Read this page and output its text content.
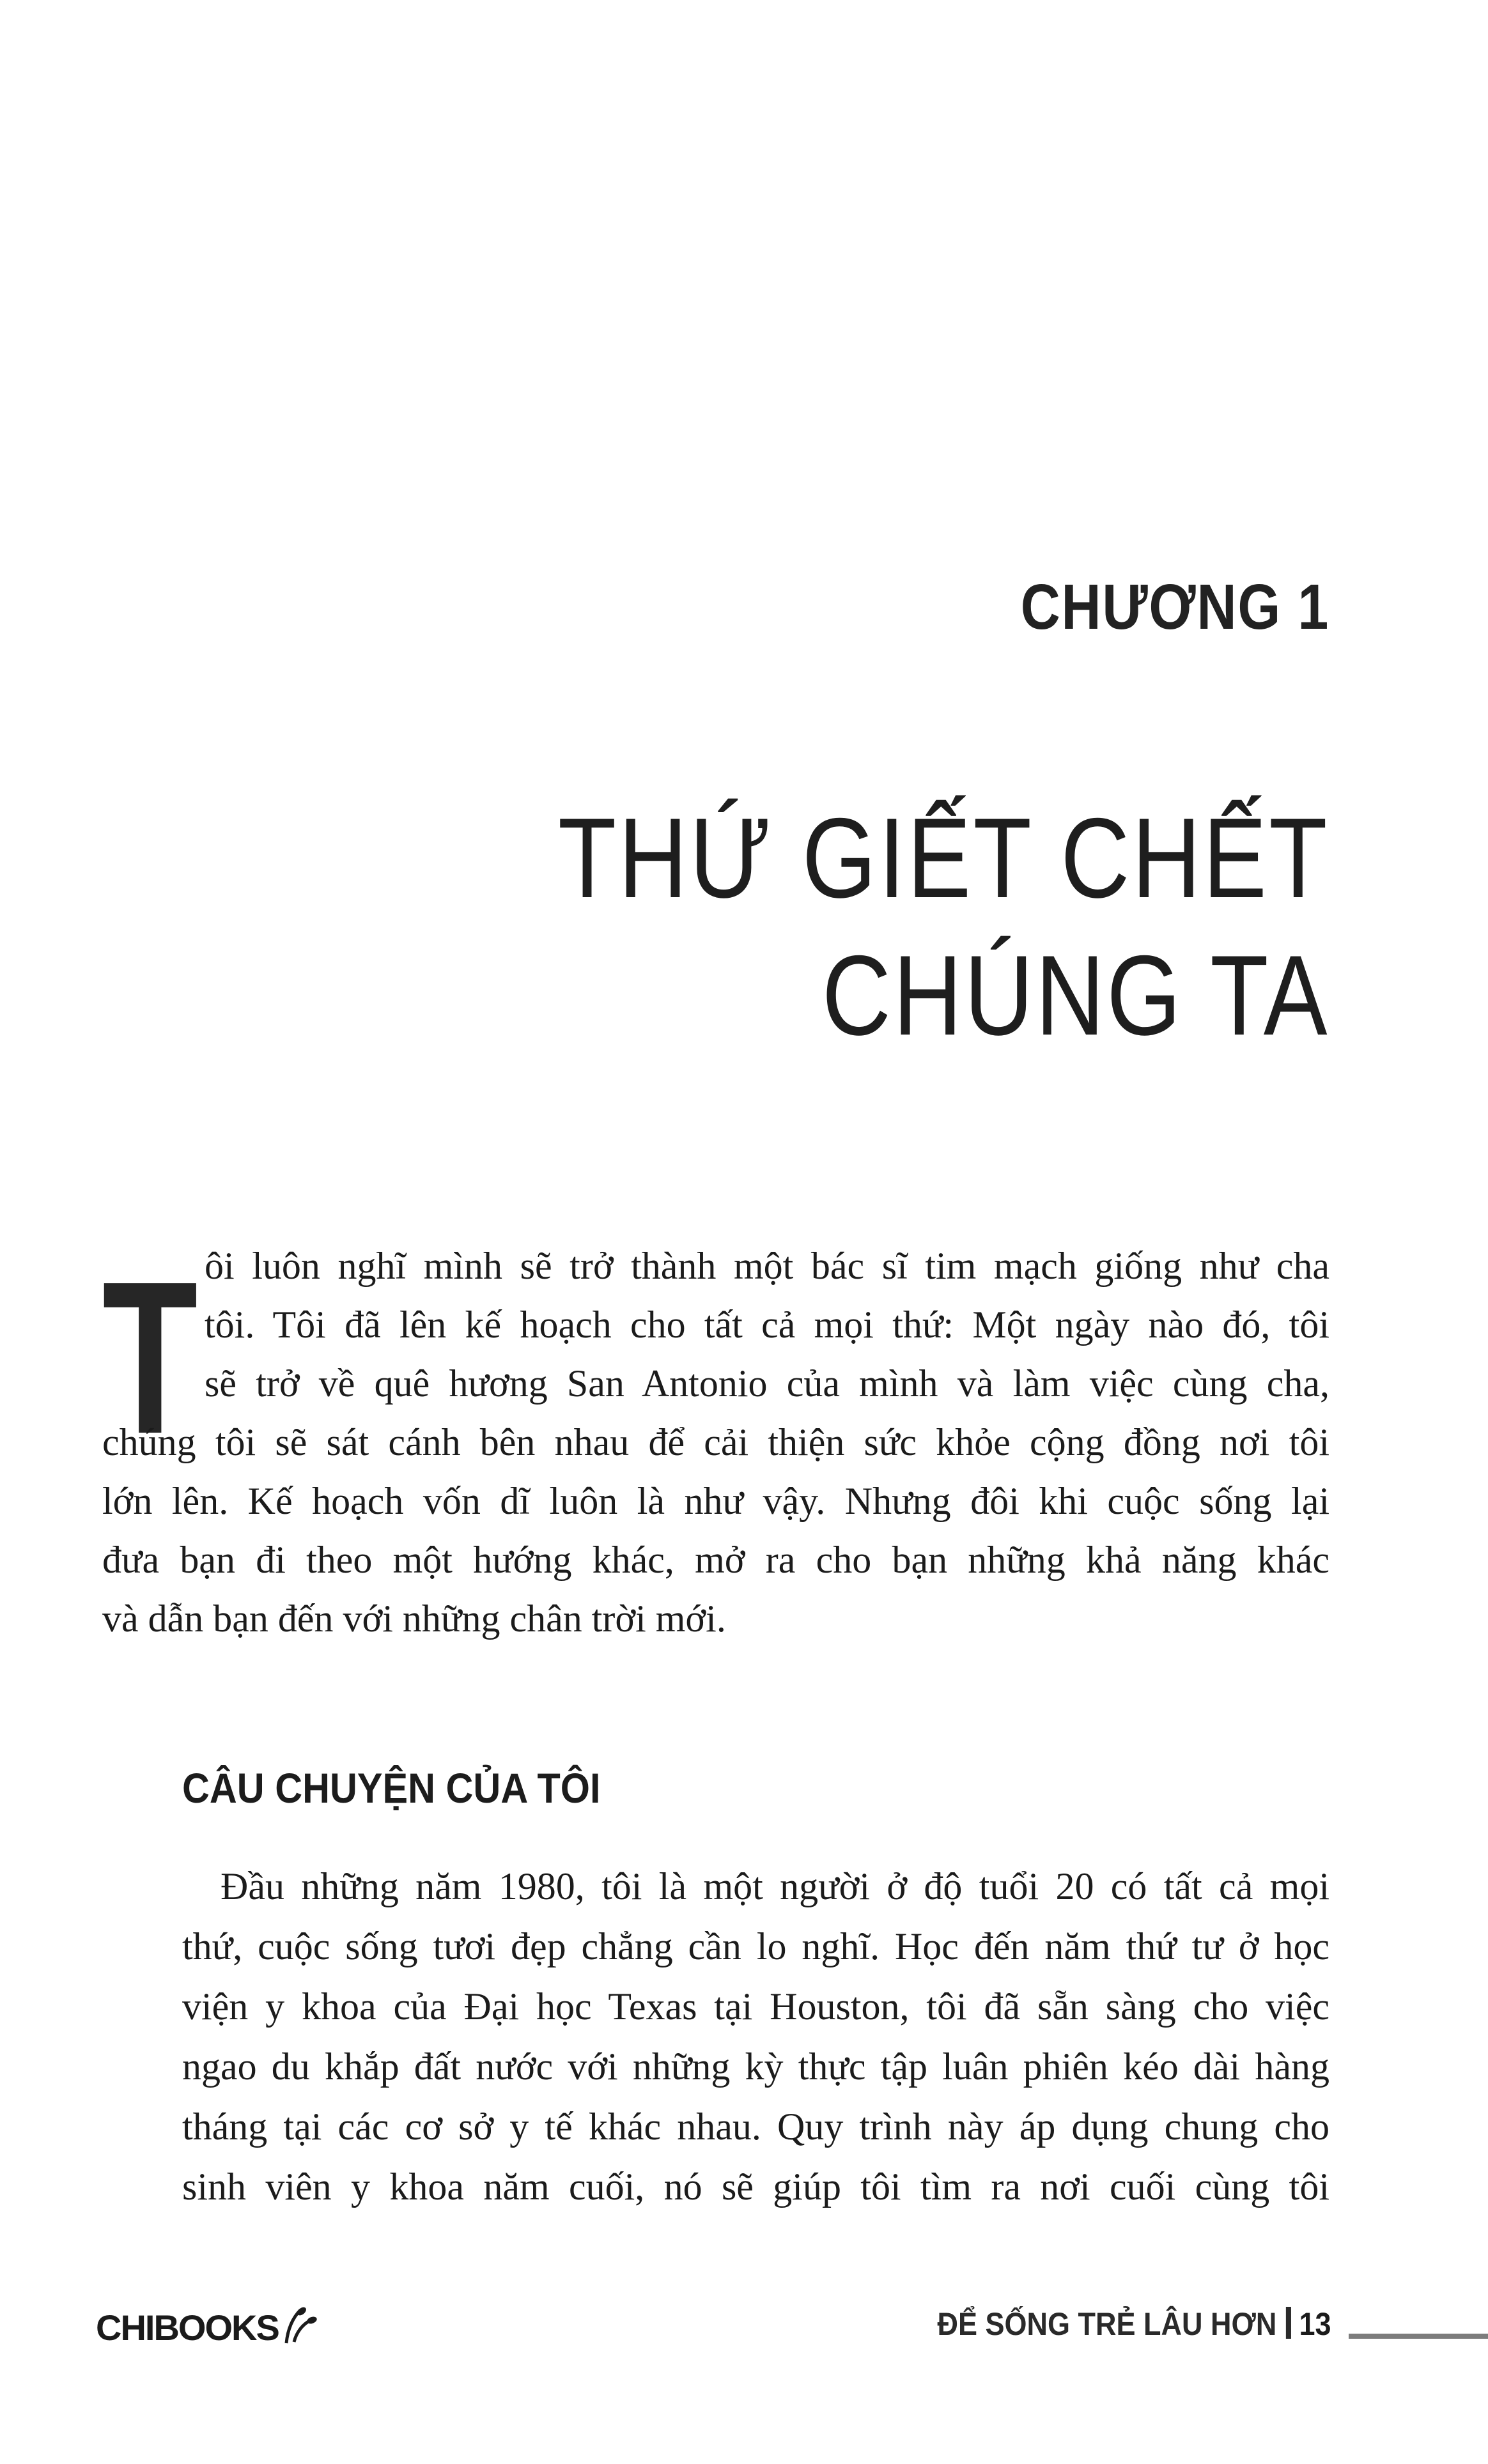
CHƯƠNG 1
THỨ GIẾT CHẾT
CHÚNG TA
T ôi luôn nghĩ mình sẽ trở thành một bác sĩ tim mạch giống như cha
tôi. Tôi đã lên kế hoạch cho tất cả mọi thứ: Một ngày nào đó, tôi
sẽ trở về quê hương San Antonio của mình và làm việc cùng cha,
chúng tôi sẽ sát cánh bên nhau để cải thiện sức khỏe cộng đồng nơi tôi
lớn lên. Kế hoạch vốn dĩ luôn là như vậy. Nhưng đôi khi cuộc sống lại
đưa bạn đi theo một hướng khác, mở ra cho bạn những khả năng khác
và dẫn bạn đến với những chân trời mới.
CÂU CHUYỆN CỦA TÔI
Đầu những năm 1980, tôi là một người ở độ tuổi 20 có tất cả mọi
thứ, cuộc sống tươi đẹp chẳng cần lo nghĩ. Học đến năm thứ tư ở học
viện y khoa của Đại học Texas tại Houston, tôi đã sẵn sàng cho việc
ngao du khắp đất nước với những kỳ thực tập luân phiên kéo dài hàng
tháng tại các cơ sở y tế khác nhau. Quy trình này áp dụng chung cho
sinh viên y khoa năm cuối, nó sẽ giúp tôi tìm ra nơi cuối cùng tôi
CHIBOOKS	ĐỂ SỐNG TRẺ LÂU HƠN 13
